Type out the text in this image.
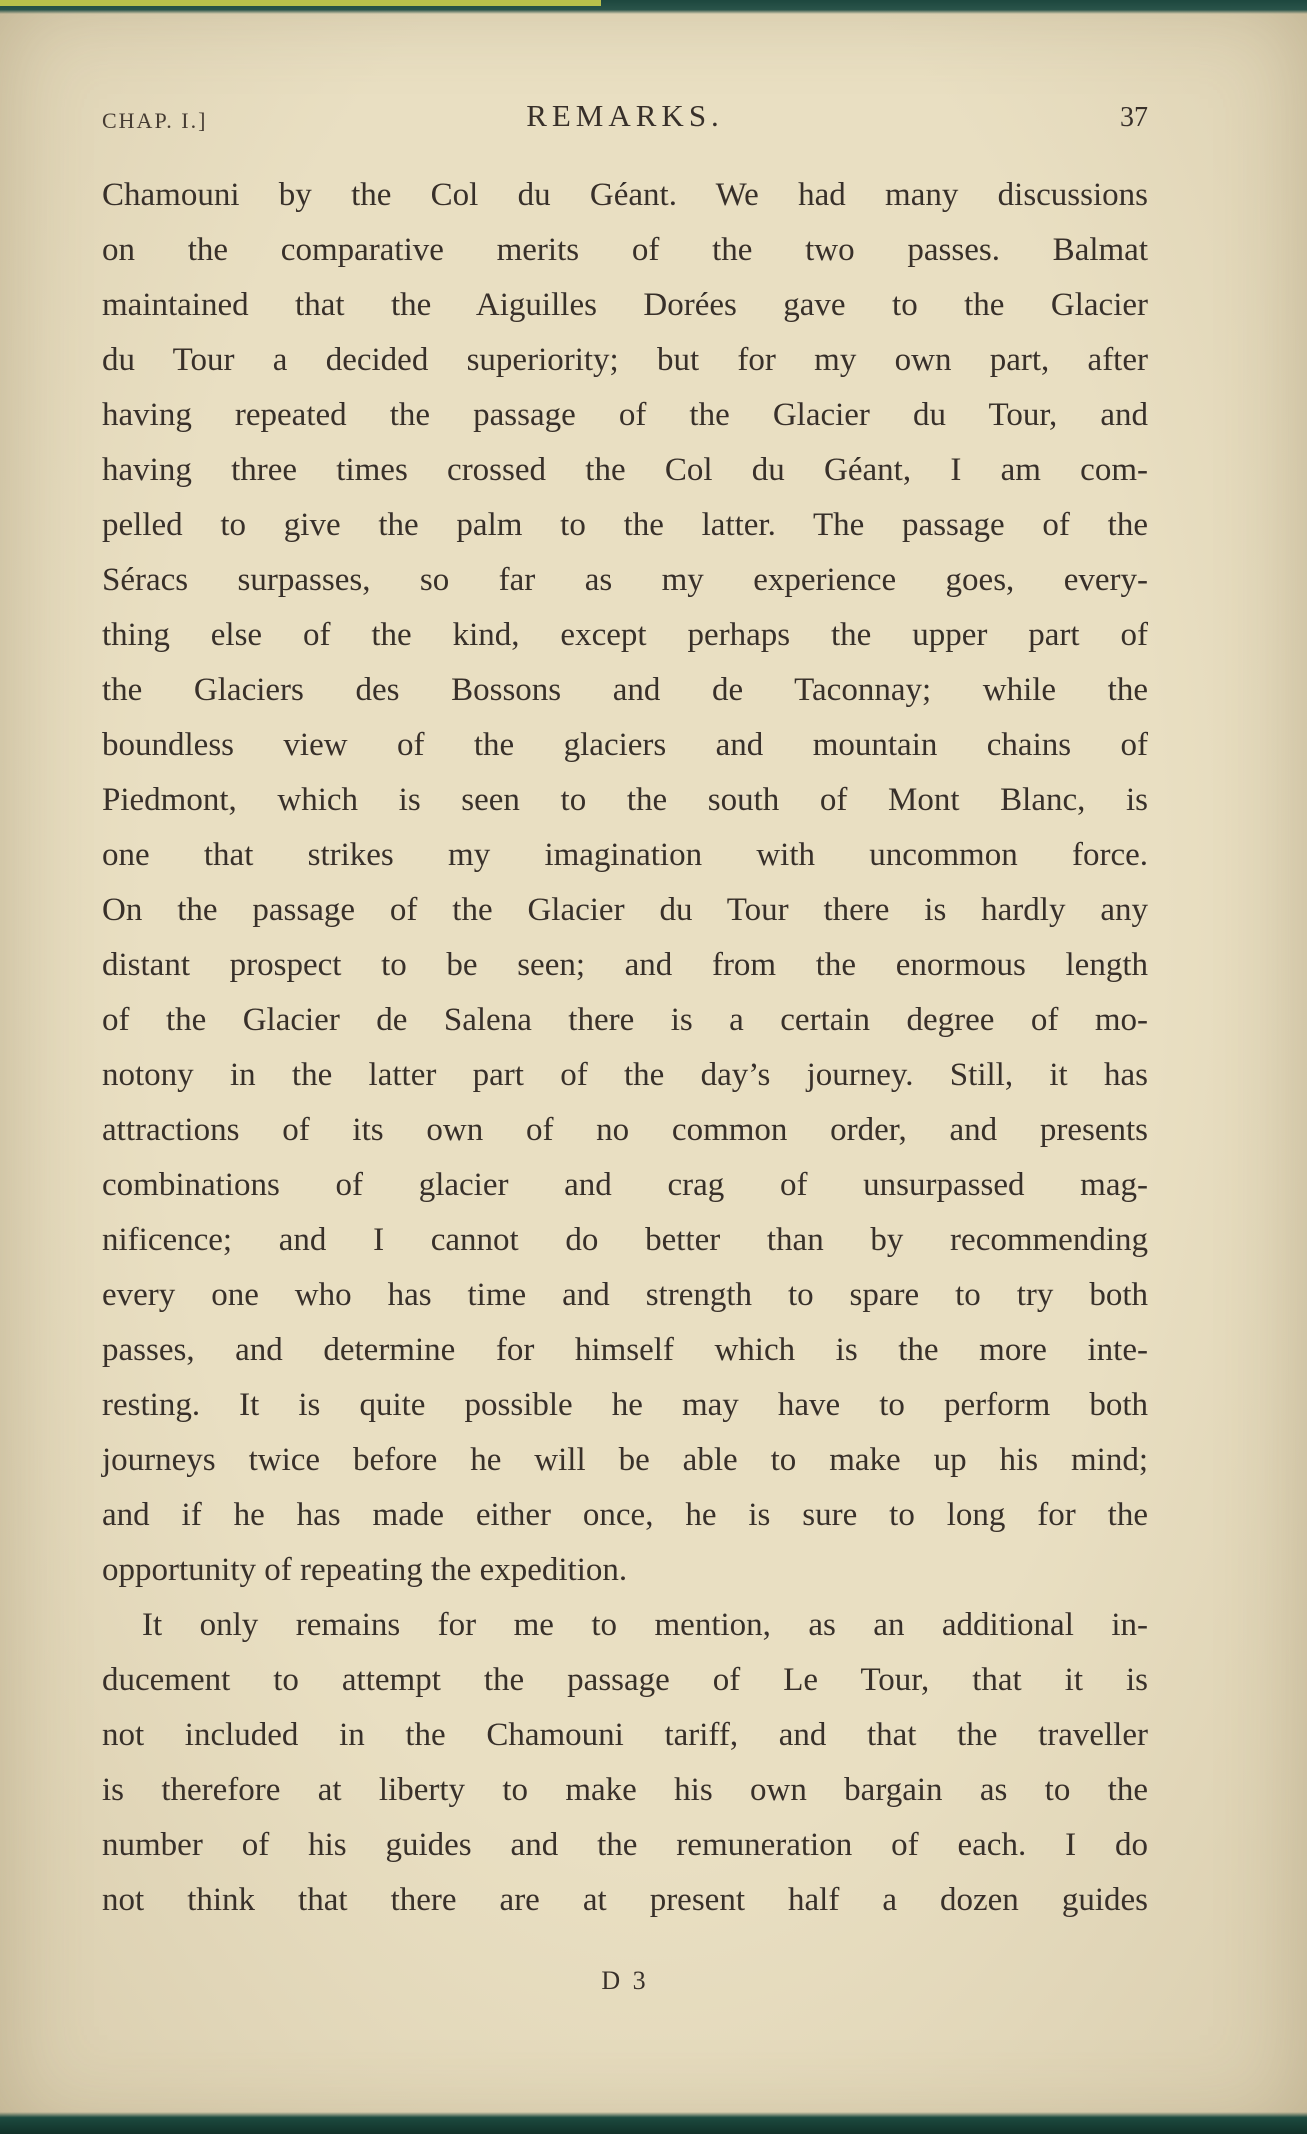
CHAP. I.]	REMARKS.	37
Chamouni by the Col du Géant. We had many discussions
on the comparative merits of the two passes. Balmat
maintained that the Aiguilles Dorées gave to the Glacier
du Tour a decided superiority; but for my own part, after
having repeated the passage of the Glacier du Tour, and
having three times crossed the Col du Géant, I am com-
pelled to give the palm to the latter. The passage of the
Séracs surpasses, so far as my experience goes, every-
thing else of the kind, except perhaps the upper part of
the Glaciers des Bossons and de Taconnay; while the
boundless view of the glaciers and mountain chains of
Piedmont, which is seen to the south of Mont Blanc, is
one that strikes my imagination with uncommon force.
On the passage of the Glacier du Tour there is hardly any
distant prospect to be seen; and from the enormous length
of the Glacier de Salena there is a certain degree of mo-
notony in the latter part of the day’s journey. Still, it has
attractions of its own of no common order, and presents
combinations of glacier and crag of unsurpassed mag-
nificence; and I cannot do better than by recommending
every one who has time and strength to spare to try both
passes, and determine for himself which is the more inte-
resting. It is quite possible he may have to perform both
journeys twice before he will be able to make up his mind;
and if he has made either once, he is sure to long for the
opportunity of repeating the expedition.
It only remains for me to mention, as an additional in-
ducement to attempt the passage of Le Tour, that it is
not included in the Chamouni tariff, and that the traveller
is therefore at liberty to make his own bargain as to the
number of his guides and the remuneration of each. I do
not think that there are at present half a dozen guides
D 3
